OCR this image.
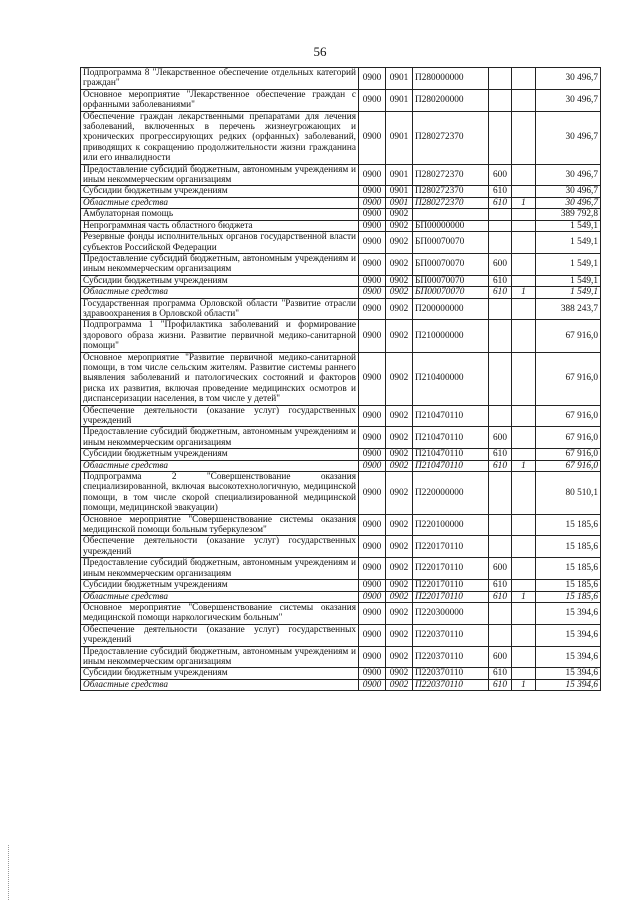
56
Подпрограмма 8 "Лекарственное обеспечение отдельных категорий граждан"	0900	0901	П280000000			30 496,7
Основное мероприятие "Лекарственное обеспечение граждан с орфанными заболеваниями"	0900	0901	П280200000			30 496,7
Обеспечение граждан лекарственными препаратами для лечения заболеваний, включенных в перечень жизнеугрожающих и хронических прогрессирующих редких (орфанных) заболеваний, приводящих к сокращению продолжительности жизни гражданина или его инвалидности	0900	0901	П280272370			30 496,7
Предоставление субсидий бюджетным, автономным учреждениям и иным некоммерческим организациям	0900	0901	П280272370	600		30 496,7
Субсидии бюджетным учреждениям	0900	0901	П280272370	610		30 496,7
Областные средства	0900	0901	П280272370	610	1	30 496,7
Амбулаторная помощь	0900	0902				389 792,8
Непрограммная часть областного бюджета	0900	0902	БП00000000			1 549,1
Резервные фонды исполнительных органов государственной власти субъектов Российской Федерации	0900	0902	БП00070070			1 549,1
Предоставление субсидий бюджетным, автономным учреждениям и иным некоммерческим организациям	0900	0902	БП00070070	600		1 549,1
Субсидии бюджетным учреждениям	0900	0902	БП00070070	610		1 549,1
Областные средства	0900	0902	БП00070070	610	1	1 549,1
Государственная программа Орловской области "Развитие отрасли здравоохранения в Орловской области"	0900	0902	П200000000			388 243,7
Подпрограмма 1 "Профилактика заболеваний и формирование здорового образа жизни. Развитие первичной медико-санитарной помощи"	0900	0902	П210000000			67 916,0
Основное мероприятие "Развитие первичной медико-санитарной помощи, в том числе сельским жителям. Развитие системы раннего выявления заболеваний и патологических состояний и факторов риска их развития, включая проведение медицинских осмотров и диспансеризации населения, в том числе у детей"	0900	0902	П210400000			67 916,0
Обеспечение деятельности (оказание услуг) государственных учреждений	0900	0902	П210470110			67 916,0
Предоставление субсидий бюджетным, автономным учреждениям и иным некоммерческим организациям	0900	0902	П210470110	600		67 916,0
Субсидии бюджетным учреждениям	0900	0902	П210470110	610		67 916,0
Областные средства	0900	0902	П210470110	610	1	67 916,0
Подпрограмма 2 "Совершенствование оказания специализированной, включая высокотехнологичную, медицинской помощи, в том числе скорой специализированной медицинской помощи, медицинской эвакуации)	0900	0902	П220000000			80 510,1
Основное мероприятие "Совершенствование системы оказания медицинской помощи больным туберкулезом"	0900	0902	П220100000			15 185,6
Обеспечение деятельности (оказание услуг) государственных учреждений	0900	0902	П220170110			15 185,6
Предоставление субсидий бюджетным, автономным учреждениям и иным некоммерческим организациям	0900	0902	П220170110	600		15 185,6
Субсидии бюджетным учреждениям	0900	0902	П220170110	610		15 185,6
Областные средства	0900	0902	П220170110	610	1	15 185,6
Основное мероприятие "Совершенствование системы оказания медицинской помощи наркологическим больным"	0900	0902	П220300000			15 394,6
Обеспечение деятельности (оказание услуг) государственных учреждений	0900	0902	П220370110			15 394,6
Предоставление субсидий бюджетным, автономным учреждениям и иным некоммерческим организациям	0900	0902	П220370110	600		15 394,6
Субсидии бюджетным учреждениям	0900	0902	П220370110	610		15 394,6
Областные средства	0900	0902	П220370110	610	1	15 394,6
